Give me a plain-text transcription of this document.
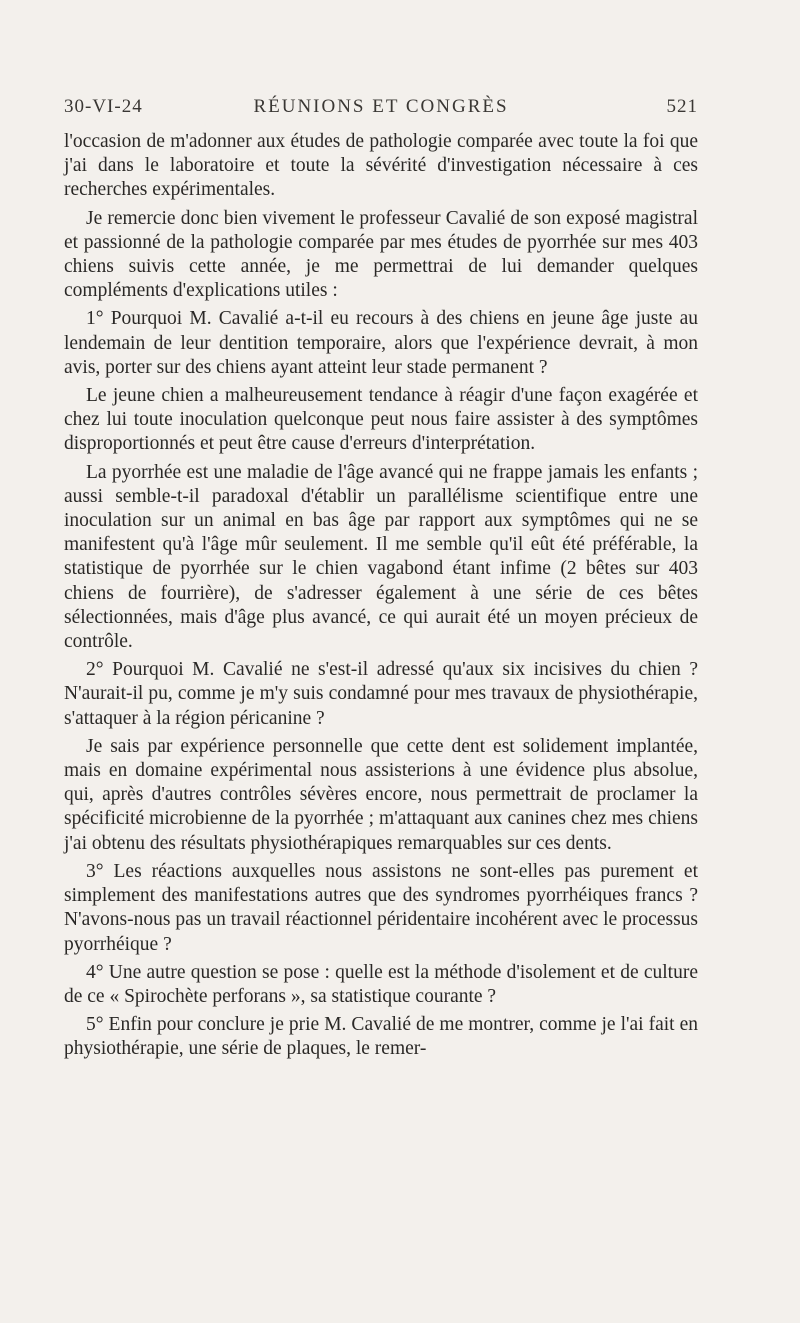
RÉUNIONS ET CONGRÈS
30-VI-24	521

l'occasion de m'adonner aux études de pathologie comparée avec toute la foi que j'ai dans le laboratoire et toute la sévérité d'investigation nécessaire à ces recherches expérimentales.

Je remercie donc bien vivement le professeur Cavalié de son exposé magistral et passionné de la pathologie comparée par mes études de pyorrhée sur mes 403 chiens suivis cette année, je me permettrai de lui demander quelques compléments d'explications utiles :

1° Pourquoi M. Cavalié a-t-il eu recours à des chiens en jeune âge juste au lendemain de leur dentition temporaire, alors que l'expérience devrait, à mon avis, porter sur des chiens ayant atteint leur stade permanent ?

Le jeune chien a malheureusement tendance à réagir d'une façon exagérée et chez lui toute inoculation quelconque peut nous faire assister à des symptômes disproportionnés et peut être cause d'erreurs d'interprétation.

La pyorrhée est une maladie de l'âge avancé qui ne frappe jamais les enfants ; aussi semble-t-il paradoxal d'établir un parallélisme scientifique entre une inoculation sur un animal en bas âge par rapport aux symptômes qui ne se manifestent qu'à l'âge mûr seulement. Il me semble qu'il eût été préférable, la statistique de pyorrhée sur le chien vagabond étant infime (2 bêtes sur 403 chiens de fourrière), de s'adresser également à une série de ces bêtes sélectionnées, mais d'âge plus avancé, ce qui aurait été un moyen précieux de contrôle.

2° Pourquoi M. Cavalié ne s'est-il adressé qu'aux six incisives du chien ? N'aurait-il pu, comme je m'y suis condamné pour mes travaux de physiothérapie, s'attaquer à la région péricanine ?

Je sais par expérience personnelle que cette dent est solidement implantée, mais en domaine expérimental nous assisterions à une évidence plus absolue, qui, après d'autres contrôles sévères encore, nous permettrait de proclamer la spécificité microbienne de la pyorrhée ; m'attaquant aux canines chez mes chiens j'ai obtenu des résultats physiothérapiques remarquables sur ces dents.

3° Les réactions auxquelles nous assistons ne sont-elles pas purement et simplement des manifestations autres que des syndromes pyorrhéiques francs ? N'avons-nous pas un travail réactionnel péridentaire incohérent avec le processus pyorrhéique ?

4° Une autre question se pose : quelle est la méthode d'isolement et de culture de ce « Spirochète perforans », sa statistique courante ?

5° Enfin pour conclure je prie M. Cavalié de me montrer, comme je l'ai fait en physiothérapie, une série de plaques, le remer-
